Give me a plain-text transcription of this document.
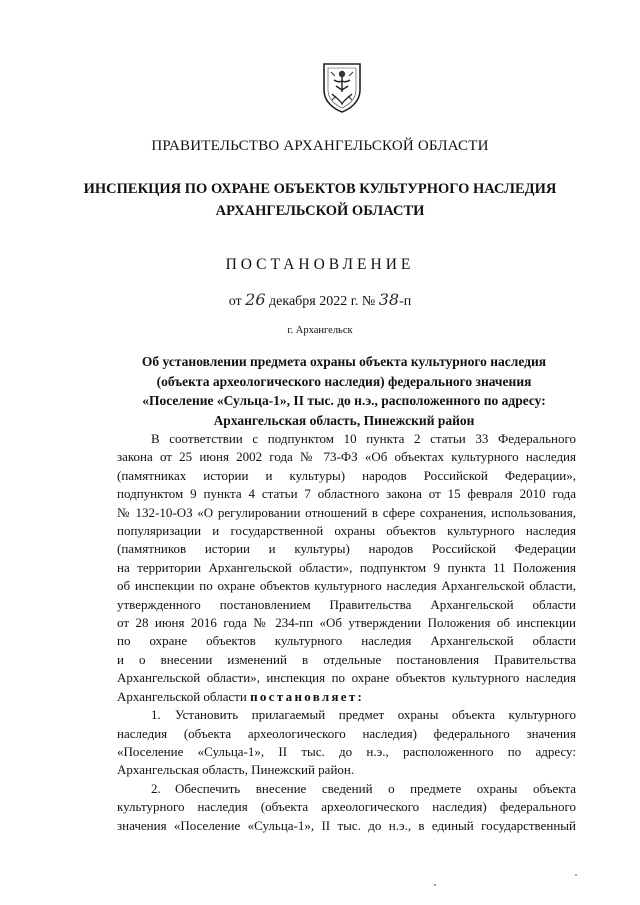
ПРАВИТЕЛЬСТВО АРХАНГЕЛЬСКОЙ ОБЛАСТИ
ИНСПЕКЦИЯ ПО ОХРАНЕ ОБЪЕКТОВ КУЛЬТУРНОГО НАСЛЕДИЯ
АРХАНГЕЛЬСКОЙ ОБЛАСТИ
ПОСТАНОВЛЕНИЕ
от 26 декабря 2022 г. № 38-п
г. Архангельск
Об установлении предмета охраны объекта культурного наследия
(объекта археологического наследия) федерального значения
«Поселение «Сульца-1», II тыс. до н.э., расположенного по адресу:
Архангельская область, Пинежский район

В соответствии с подпунктом 10 пункта 2 статьи 33 Федерального
закона от 25 июня 2002 года № 73-ФЗ «Об объектах культурного наследия
(памятниках истории и культуры) народов Российской Федерации»,
подпунктом 9 пункта 4 статьи 7 областного закона от 15 февраля 2010 года
№ 132-10-ОЗ «О регулировании отношений в сфере сохранения, использования,
популяризации и государственной охраны объектов культурного наследия
(памятников истории и культуры) народов Российской Федерации
на территории Архангельской области», подпунктом 9 пункта 11 Положения
об инспекции по охране объектов культурного наследия Архангельской области,
утвержденного постановлением Правительства Архангельской области
от 28 июня 2016 года № 234-пп «Об утверждении Положения об инспекции
по охране объектов культурного наследия Архангельской области
и о внесении изменений в отдельные постановления Правительства
Архангельской области», инспекция по охране объектов культурного наследия
Архангельской области постановляет:

1. Установить прилагаемый предмет охраны объекта культурного
наследия (объекта археологического наследия) федерального значения
«Поселение «Сульца-1», II тыс. до н.э., расположенного по адресу:
Архангельская область, Пинежский район.

2. Обеспечить внесение сведений о предмете охраны объекта
культурного наследия (объекта археологического наследия) федерального
значения «Поселение «Сульца-1», II тыс. до н.э., в единый государственный
